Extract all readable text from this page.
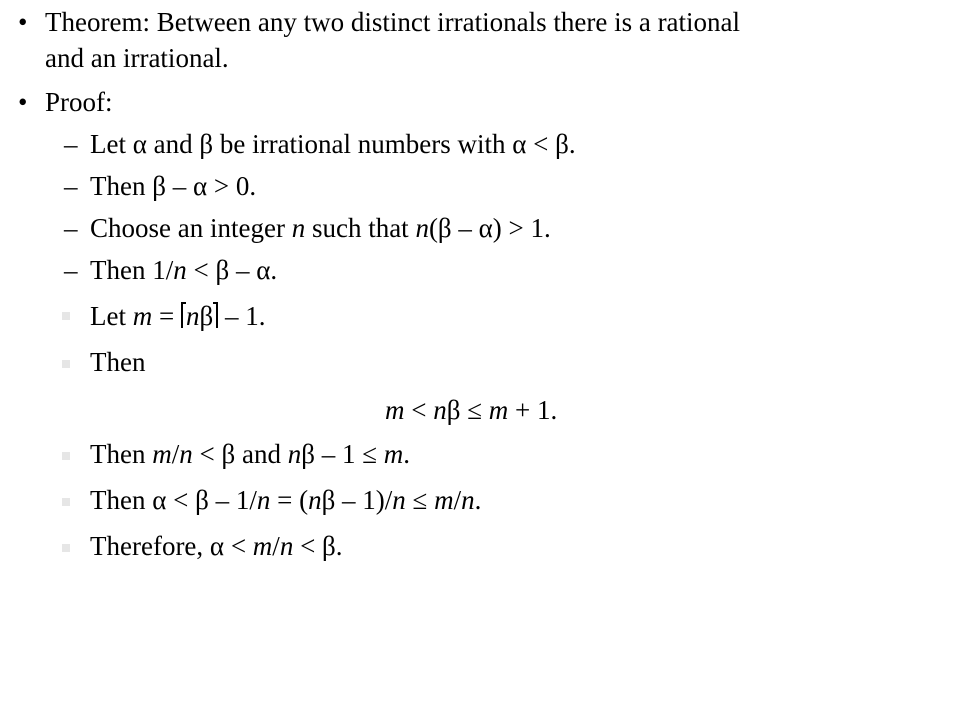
• Theorem: Between any two distinct irrationals there is a rational
and an irrational.
• Proof:
– Let α and β be irrational numbers with α < β.
– Then β – α > 0.
– Choose an integer n such that n(β – α) > 1.
– Then 1/n < β – α.
Let m = nβ – 1.
Then
m < nβ ≤ m + 1.
Then m/n < β and nβ – 1 ≤ m.
Then α < β – 1/n = (nβ – 1)/n ≤ m/n.
Therefore, α < m/n < β.
